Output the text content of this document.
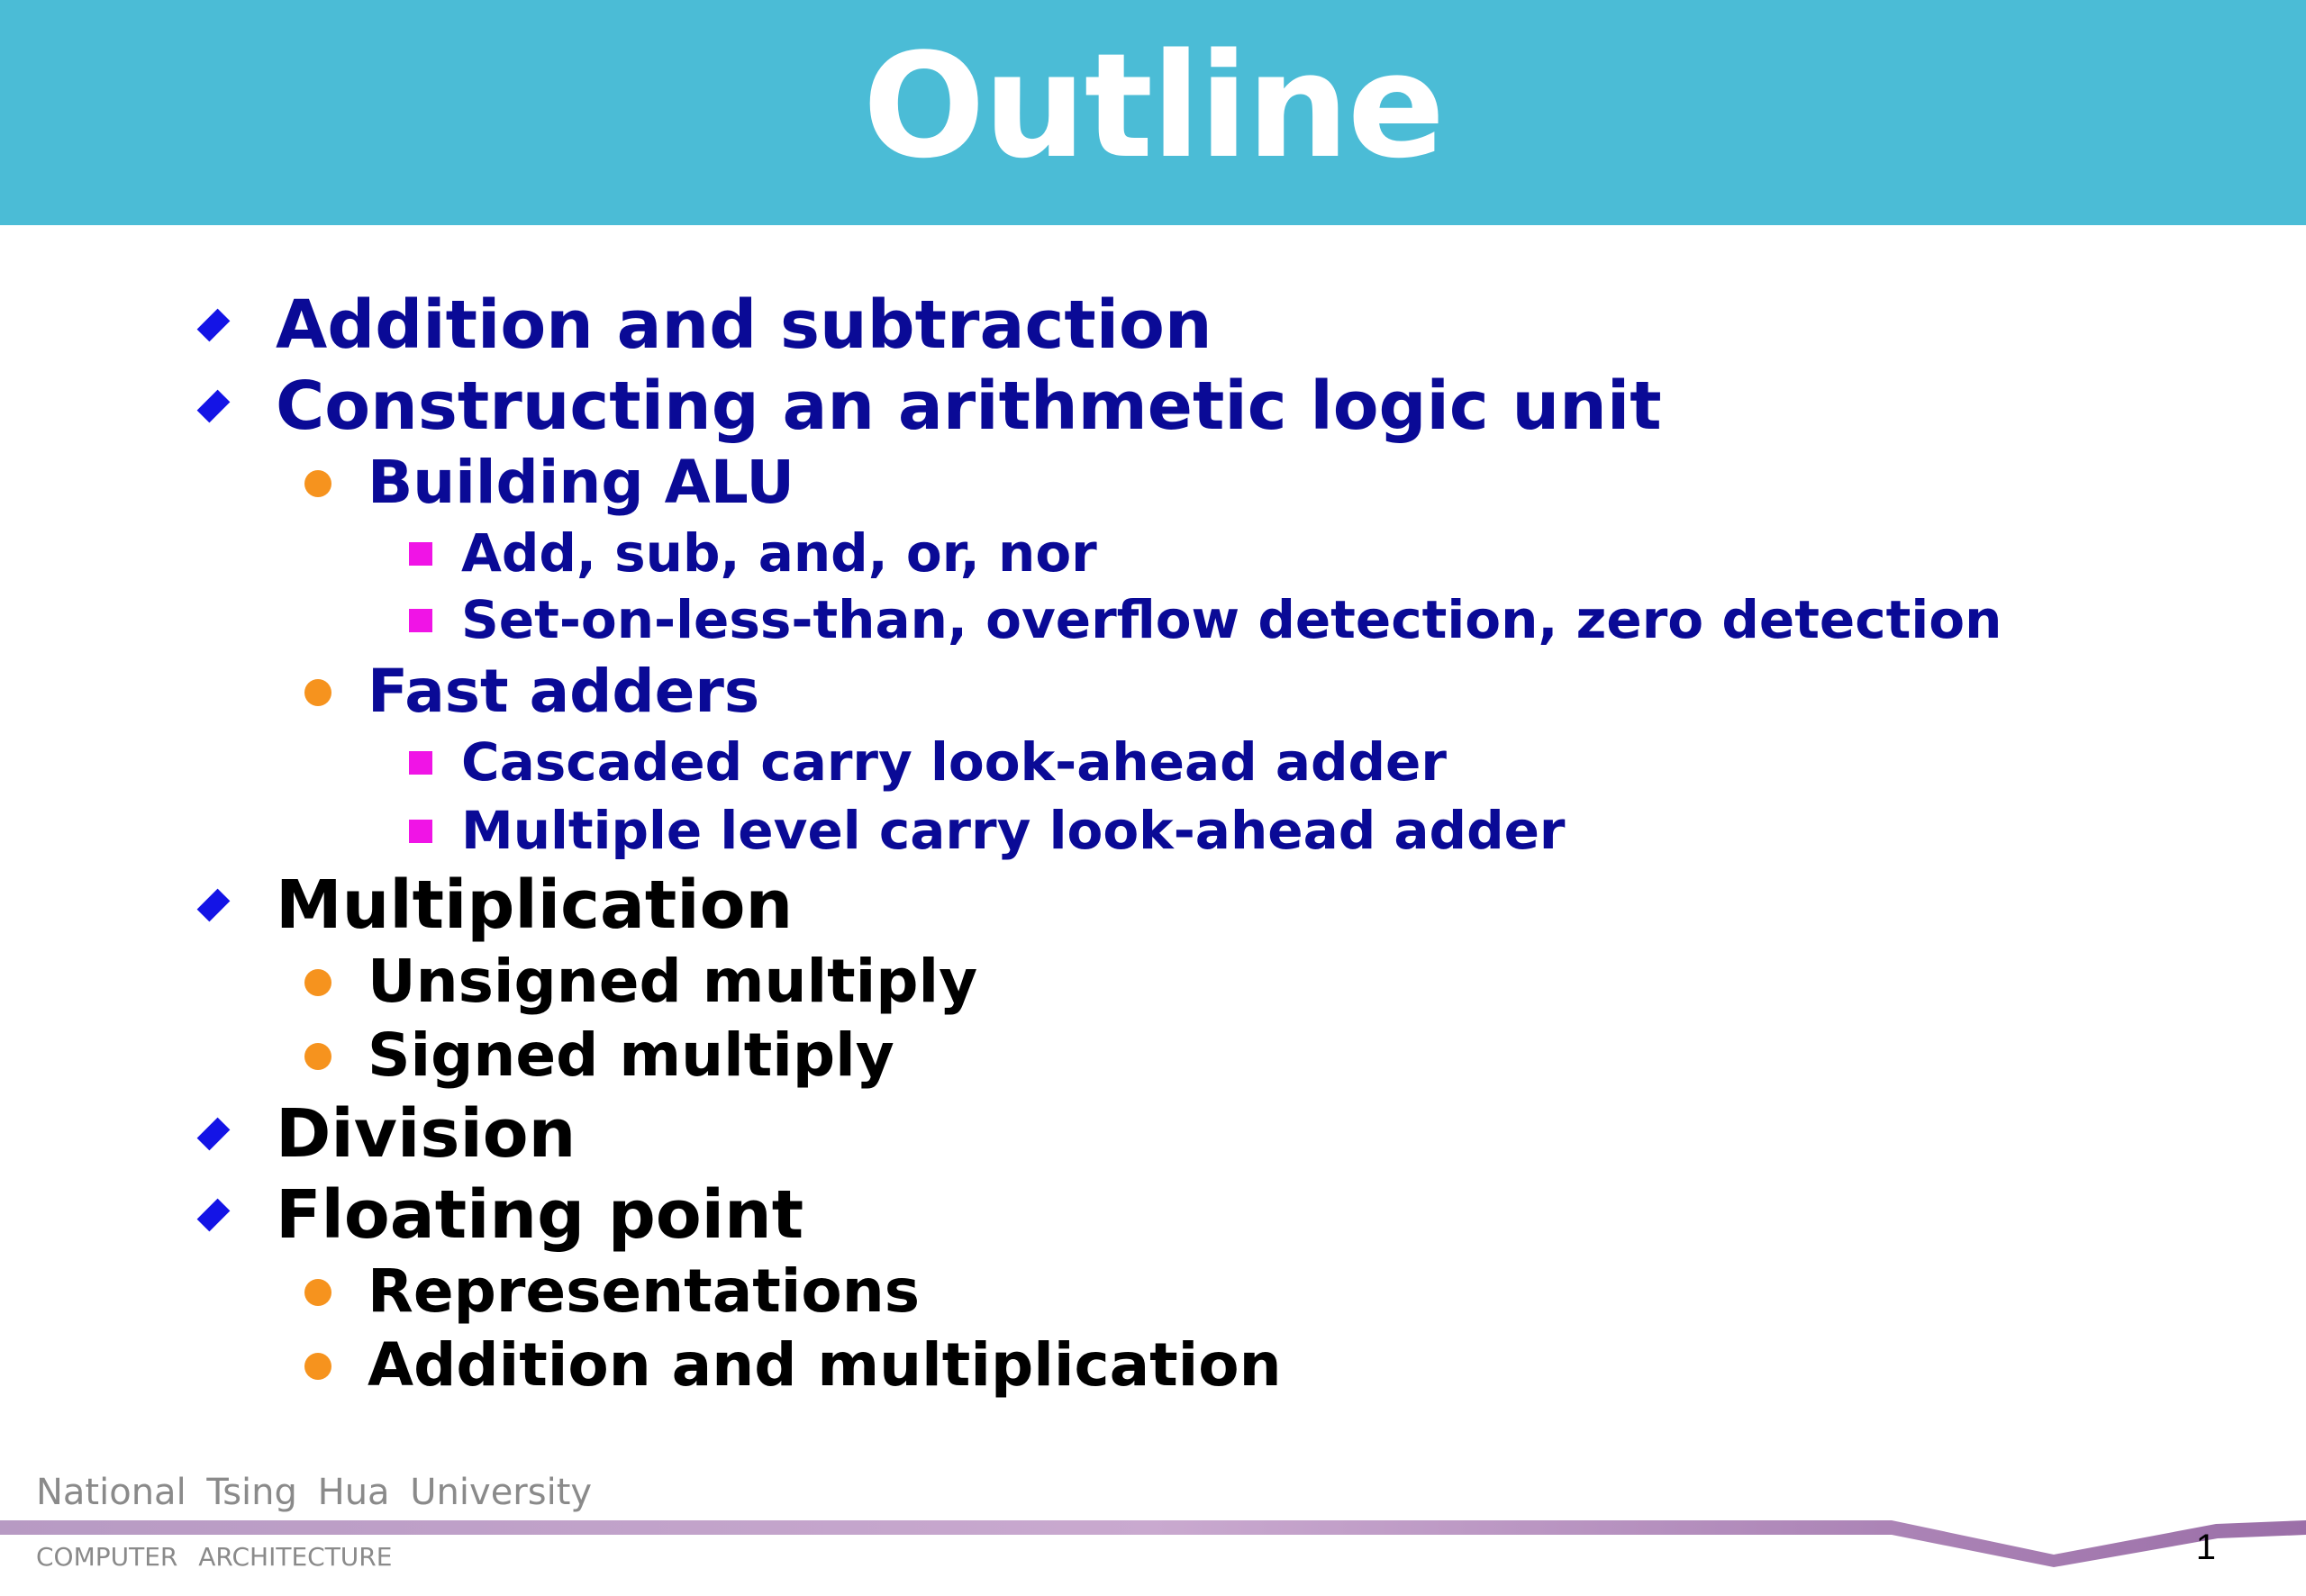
Outline
Addition and subtraction
Constructing an arithmetic logic unit
Building ALU
Add, sub, and, or, nor
Set-on-less-than, overflow detection, zero detection
Fast adders
Cascaded carry look-ahead adder
Multiple level carry look-ahead adder
Multiplication
Unsigned multiply
Signed multiply
Division
Floating point
Representations
Addition and multiplication
National Tsing Hua University
COMPUTER ARCHITECTURE	1
